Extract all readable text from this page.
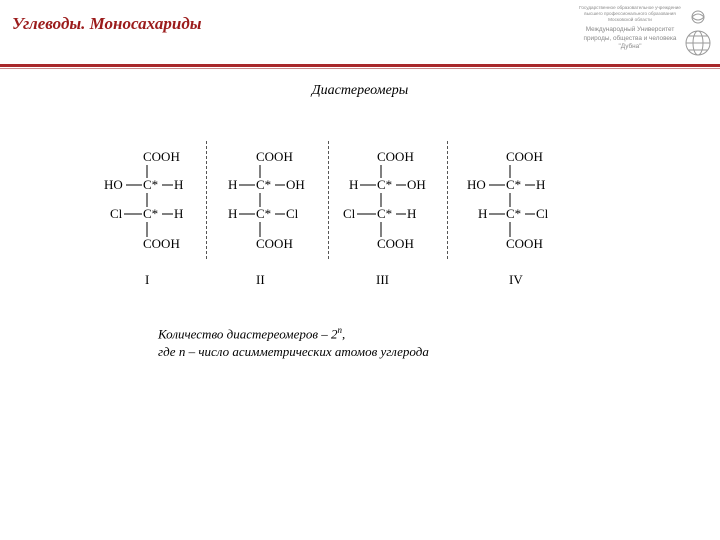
Углеводы. Моносахариды
Государственное образовательное учреждение
высшего профессионального образования
Московской области
Международный Университет
природы, общества и человека
"Дубна"
Диастереомеры
COOH
HO C* H
Cl C* H
COOH
I
COOH
H C* OH
H C* Cl
COOH
II
COOH
H C* OH
Cl C* H
COOH
III
COOH
HO C* H
H C* Cl
COOH
IV
Количество диастереомеров – 2$^n$,
где n – число асимметрических атомов углерода
